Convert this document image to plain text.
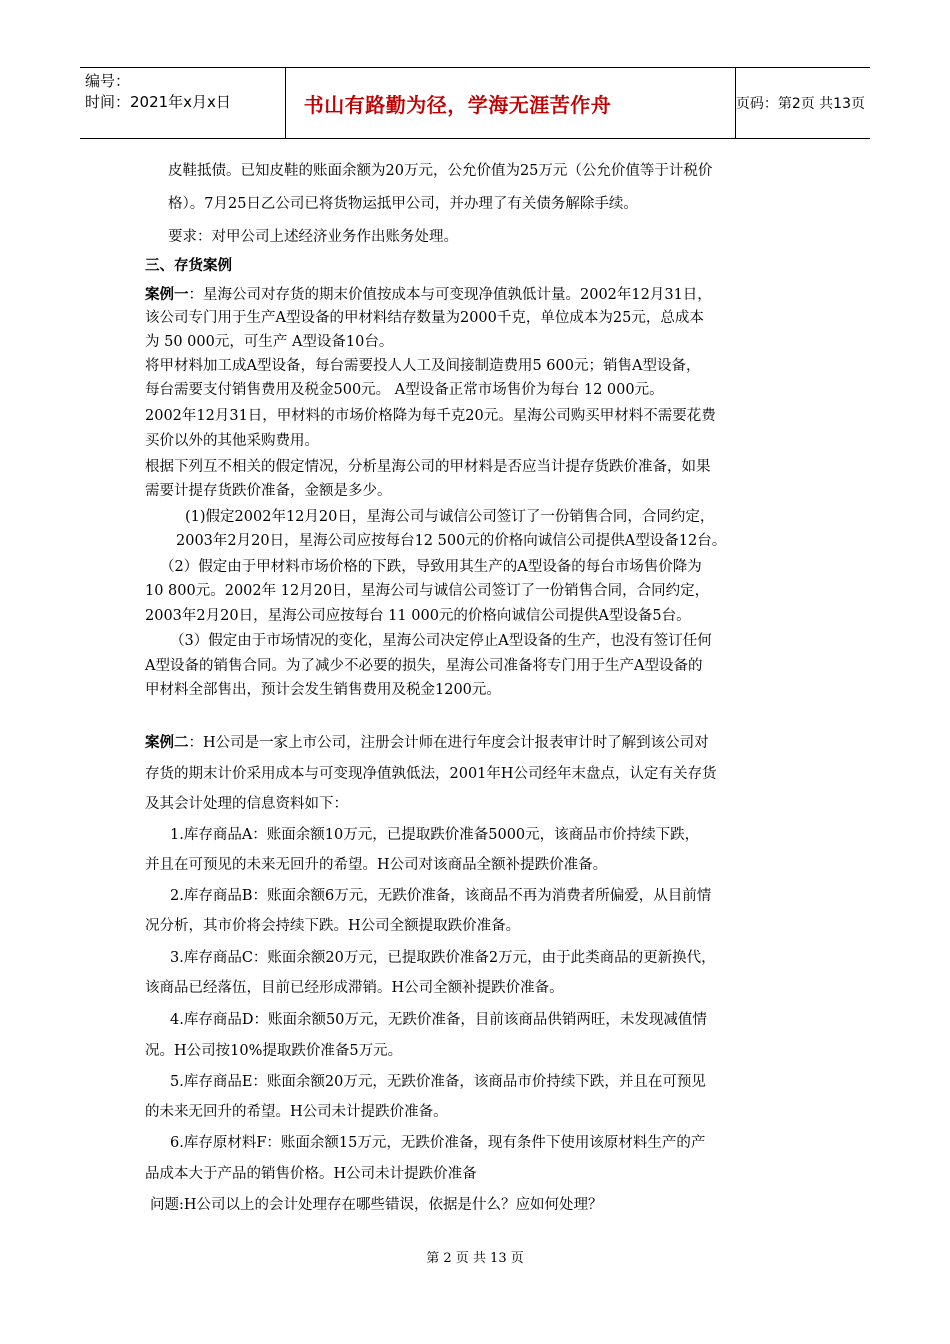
编号：
时间：2021年x月x日	书山有路勤为径，学海无涯苦作舟	页码：第2页 共13页
皮鞋抵债。已知皮鞋的账面余额为20万元，公允价值为25万元（公允价值等于计税价
格）。7月25日乙公司已将货物运抵甲公司，并办理了有关债务解除手续。
要求：对甲公司上述经济业务作出账务处理。
三、存货案例
案例一：星海公司对存货的期末价值按成本与可变现净值孰低计量。2002年12月31日，
该公司专门用于生产A型设备的甲材料结存数量为2000千克，单位成本为25元，总成本
为 50 000元，可生产 A型设备10台。
将甲材料加工成A型设备，每台需要投人人工及间接制造费用5 600元；销售A型设备，
每台需要支付销售费用及税金500元。 A型设备正常市场售价为每台 12 000元。
2002年12月31日，甲材料的市场价格降为每千克20元。星海公司购买甲材料不需要花费
买价以外的其他采购费用。
根据下列互不相关的假定情况，分析星海公司的甲材料是否应当计提存货跌价准备，如果
需要计提存货跌价准备，金额是多少。
(1)假定2002年12月20日，星海公司与诚信公司签订了一份销售合同，合同约定，
2003年2月20日，星海公司应按每台12 500元的价格向诚信公司提供A型设备12台。
（2）假定由于甲材料市场价格的下跌，导致用其生产的A型设备的每台市场售价降为
10 800元。2002年 12月20日，星海公司与诚信公司签订了一份销售合同，合同约定，
2003年2月20日，星海公司应按每台 11 000元的价格向诚信公司提供A型设备5台。
（3）假定由于市场情况的变化，星海公司决定停止A型设备的生产，也没有签订任何
A型设备的销售合同。为了减少不必要的损失，星海公司准备将专门用于生产A型设备的
甲材料全部售出，预计会发生销售费用及税金1200元。
案例二：H公司是一家上市公司，注册会计师在进行年度会计报表审计时了解到该公司对
存货的期末计价采用成本与可变现净值孰低法，2001年H公司经年末盘点，认定有关存货
及其会计处理的信息资料如下：
1.库存商品A：账面余额10万元，已提取跌价准备5000元，该商品市价持续下跌，
并且在可预见的未来无回升的希望。H公司对该商品全额补提跌价准备。
2.库存商品B：账面余额6万元，无跌价准备，该商品不再为消费者所偏爱，从目前情
况分析，其市价将会持续下跌。H公司全额提取跌价准备。
3.库存商品C：账面余额20万元，已提取跌价准备2万元，由于此类商品的更新换代，
该商品已经落伍，目前已经形成滞销。H公司全额补提跌价准备。
4.库存商品D：账面余额50万元，无跌价准备，目前该商品供销两旺，未发现减值情
况。H公司按10%提取跌价准备5万元。
5.库存商品E：账面余额20万元，无跌价准备，该商品市价持续下跌，并且在可预见
的未来无回升的希望。H公司未计提跌价准备。
6.库存原材料F：账面余额15万元，无跌价准备，现有条件下使用该原材料生产的产
品成本大于产品的销售价格。H公司未计提跌价准备
问题:H公司以上的会计处理存在哪些错误，依据是什么？应如何处理？
第 2 页 共 13 页
